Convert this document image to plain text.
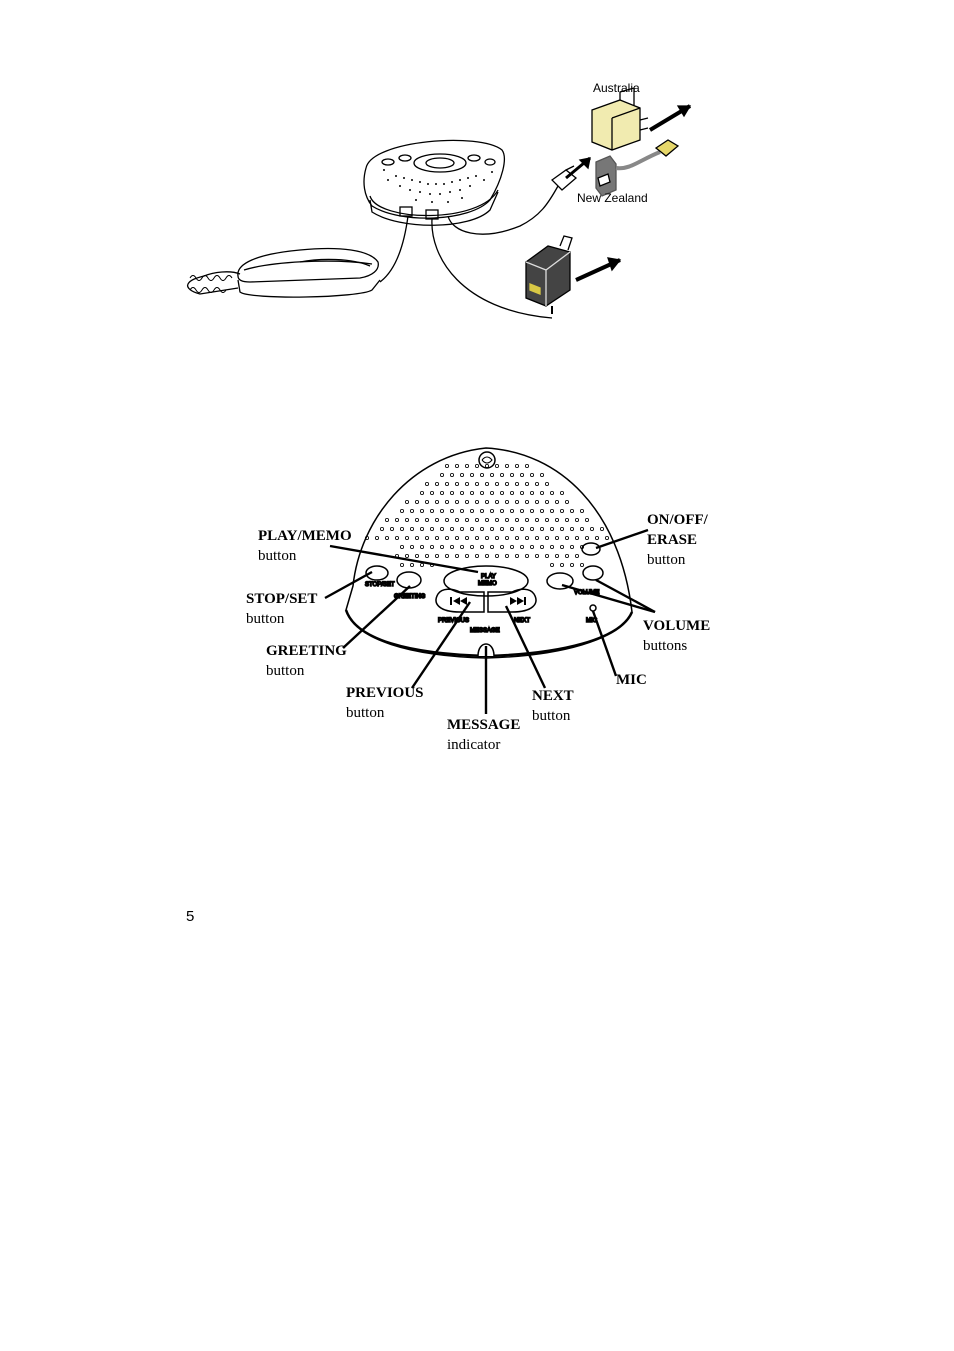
Australia
New Zealand
PLAY
MEMO
PREVIOUS	NEXT
MESSAGE
STOP/SET
GREETING
VOLUME
MIC
PLAY/MEMO
button
STOP/SET
button
GREETING
button
PREVIOUS
button
MESSAGE
indicator
NEXT
button
MIC
VOLUME
buttons
ON/OFF/
ERASE
button
5
